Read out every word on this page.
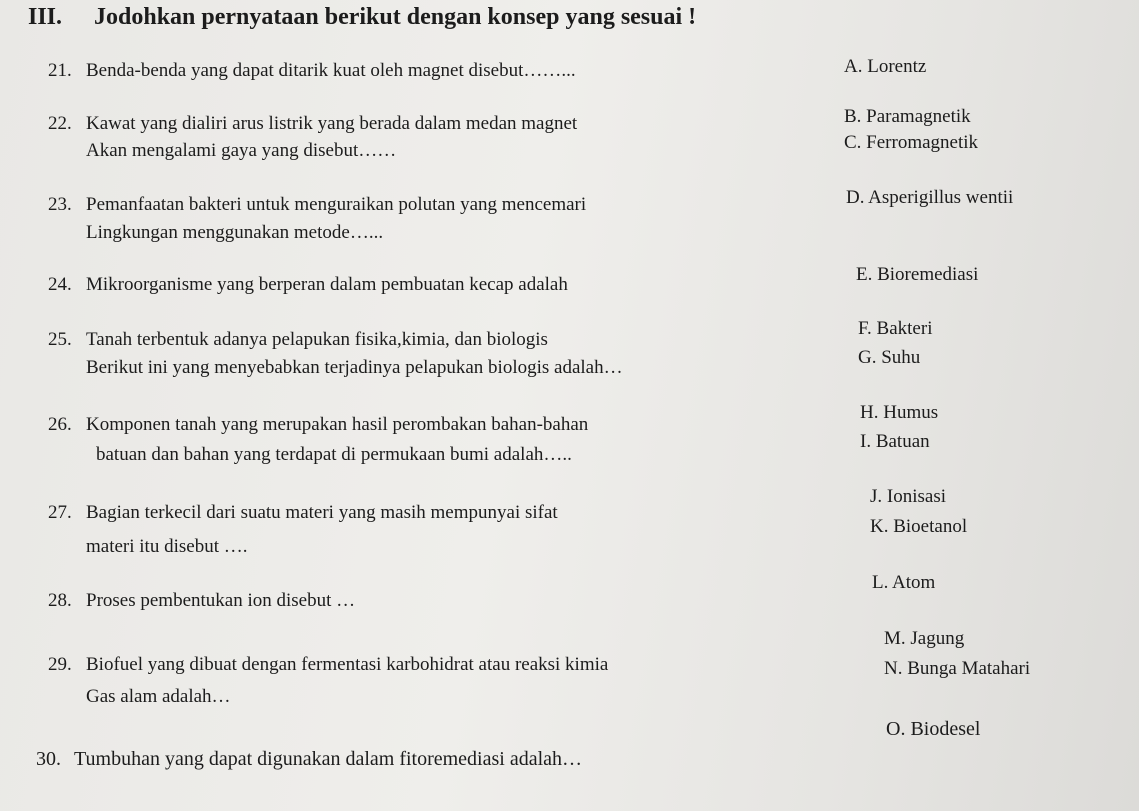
III. Jodohkan pernyataan berikut dengan konsep yang sesuai !
21. Benda-benda yang dapat ditarik kuat oleh magnet disebut……...
22. Kawat yang dialiri arus listrik yang berada dalam medan magnet
Akan mengalami gaya yang disebut……
23. Pemanfaatan bakteri untuk menguraikan polutan yang mencemari
Lingkungan menggunakan metode…...
24. Mikroorganisme yang berperan dalam pembuatan kecap adalah
25. Tanah terbentuk adanya pelapukan fisika,kimia, dan biologis
Berikut ini yang menyebabkan terjadinya pelapukan biologis adalah…
26. Komponen tanah yang merupakan hasil perombakan bahan-bahan
batuan dan bahan yang terdapat di permukaan bumi adalah…..
27. Bagian terkecil dari suatu materi yang masih mempunyai sifat
materi itu disebut ….
28. Proses pembentukan ion disebut …
29. Biofuel yang dibuat dengan fermentasi karbohidrat atau reaksi kimia
Gas alam adalah…
30. Tumbuhan yang dapat digunakan dalam fitoremediasi adalah…
A. Lorentz
B. Paramagnetik
C. Ferromagnetik
D. Asperigillus wentii
E. Bioremediasi
F. Bakteri
G. Suhu
H. Humus
I. Batuan
J. Ionisasi
K. Bioetanol
L. Atom
M. Jagung
N. Bunga Matahari
O. Biodesel
